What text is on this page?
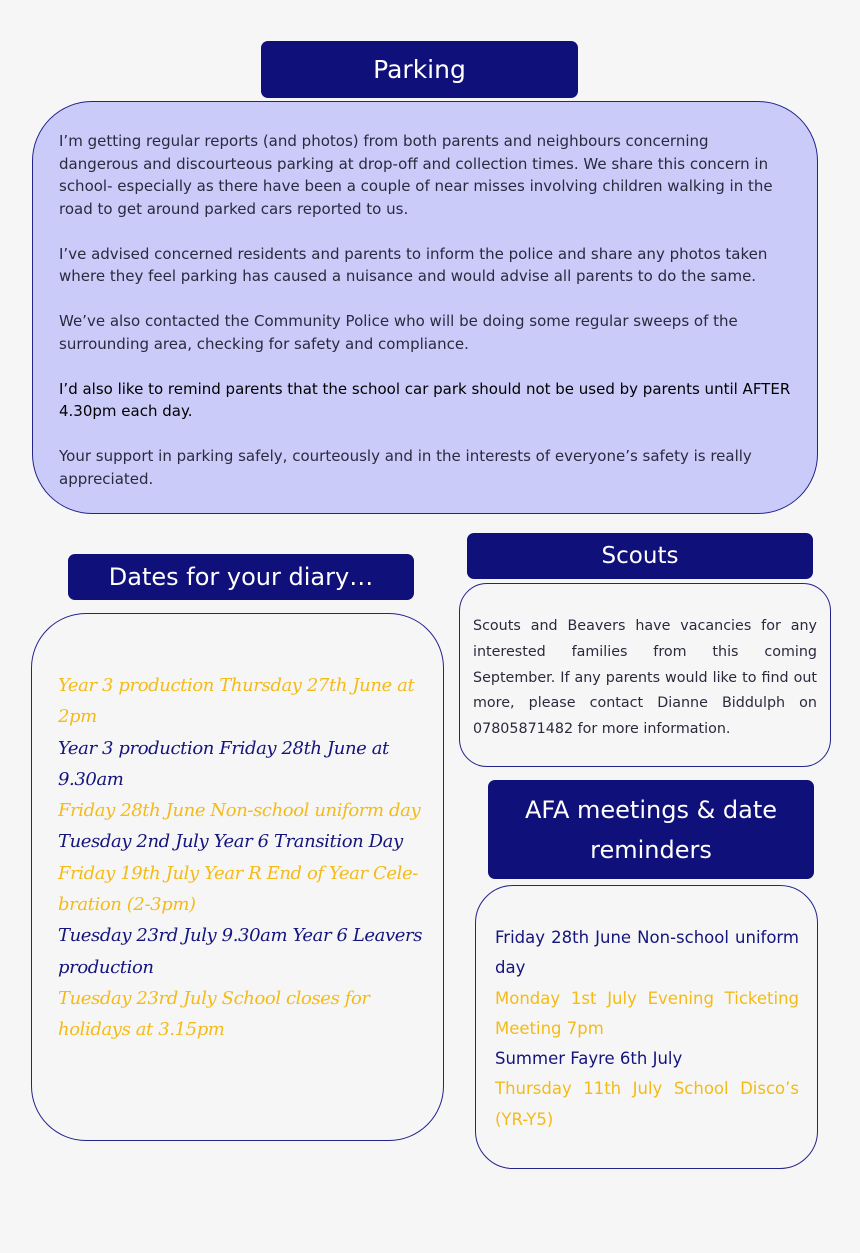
Parking

I’m getting regular reports (and photos) from both parents and neighbours concerning dangerous and discourteous parking at drop-off and collection times. We share this concern in school- especially as there have been a couple of near misses involving children walking in the road to get around parked cars reported to us.

I’ve advised concerned residents and parents to inform the police and share any photos taken where they feel parking has caused a nuisance and would advise all parents to do the same.

We’ve also contacted the Community Police who will be doing some regular sweeps of the surrounding area, checking for safety and compliance.

I’d also like to remind parents that the school car park should not be used by parents until AFTER 4.30pm each day.

Your support in parking safely, courteously and in the interests of everyone’s safety is really appreciated.

Dates for your diary…
Year 3 production Thursday 27th June at 2pm
Year 3 production Friday 28th June at 9.30am
Friday 28th June Non-school uniform day
Tuesday 2nd July Year 6 Transition Day
Friday 19th July Year R End of Year Cele-bration (2-3pm)
Tuesday 23rd July 9.30am Year 6 Leavers production
Tuesday 23rd July School closes for holidays at 3.15pm
Scouts
Scouts and Beavers have vacancies for any interested families from this coming September. If any parents would like to find out more, please contact Dianne Biddulph on 07805871482 for more information.
AFA meetings & date reminders
Friday 28th June Non-school uniform day
Monday 1st July Evening Ticketing Meeting 7pm
Summer Fayre 6th July
Thursday 11th July School Disco’s (YR-Y5)
